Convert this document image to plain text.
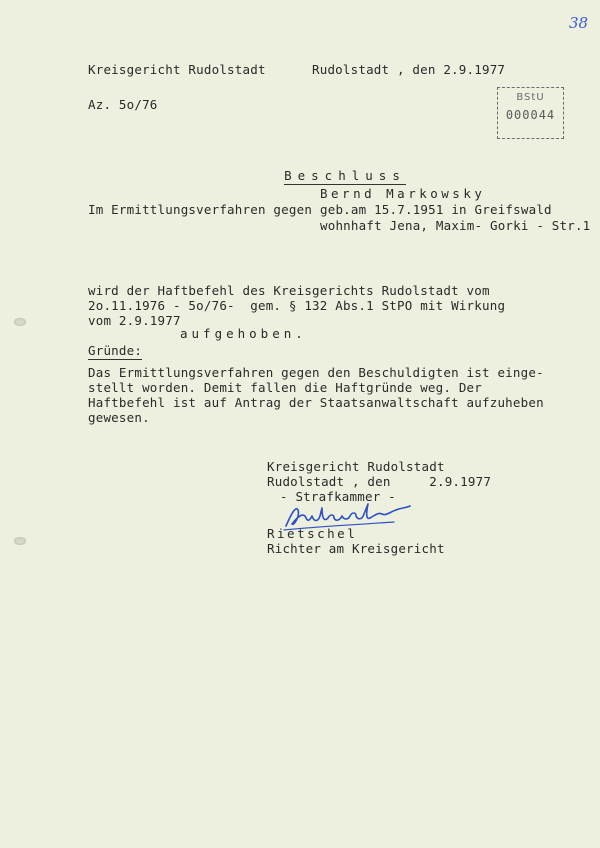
38
BStU
000044
Kreisgericht Rudolstadt	Rudolstadt , den 2.9.1977
Az. 5o/76

Beschluss

Im Ermittlungsverfahren gegen
Bernd Markowsky
geb.am 15.7.1951 in Greifswald
wohnhaft Jena, Maxim- Gorki - Str.1
wird der Haftbefehl des Kreisgerichts Rudolstadt vom
2o.11.1976 - 5o/76-  gem. § 132 Abs.1 StPO mit Wirkung
vom 2.9.1977
aufgehoben.
Gründe:
Das Ermittlungsverfahren gegen den Beschuldigten ist einge-
stellt worden. Demit fallen die Haftgründe weg. Der
Haftbefehl ist auf Antrag der Staatsanwaltschaft aufzuheben
gewesen.
Kreisgericht Rudolstadt
Rudolstadt , den     2.9.1977
- Strafkammer -
Rietschel
Richter am Kreisgericht
